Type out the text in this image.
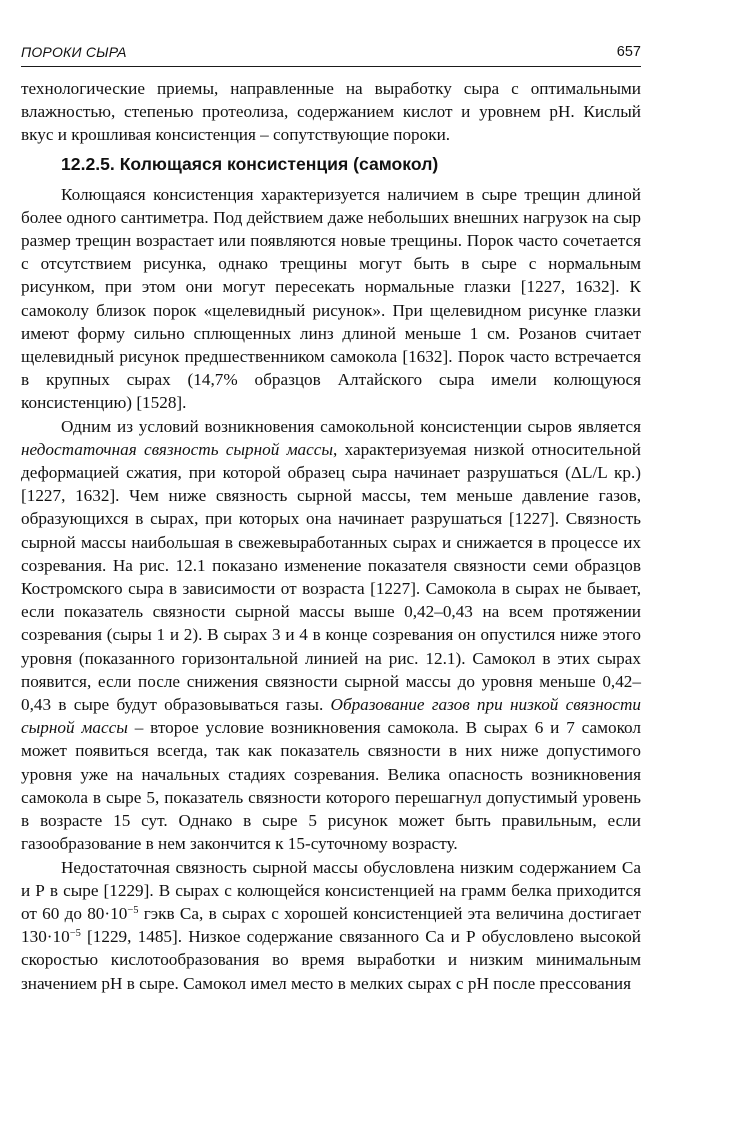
ПОРОКИ СЫРА	657

технологические приемы, направленные на выработку сыра с оптимальными влажностью, степенью протеолиза, содержанием кислот и уровнем рН. Кислый вкус и крошливая консистенция – сопутствующие пороки.

12.2.5. Колющаяся консистенция (самокол)

Колющаяся консистенция характеризуется наличием в сыре трещин длиной более одного сантиметра. Под действием даже небольших внешних нагрузок на сыр размер трещин возрастает или появляются новые трещины. Порок часто сочетается с отсутствием рисунка, однако трещины могут быть в сыре с нормальным рисунком, при этом они могут пересекать нормальные глазки [1227, 1632]. К самоколу близок порок «щелевидный рисунок». При щелевидном рисунке глазки имеют форму сильно сплющенных линз длиной меньше 1 см. Розанов считает щелевидный рисунок предшественником самокола [1632]. Порок часто встречается в крупных сырах (14,7% образцов Алтайского сыра имели колющуюся консистенцию) [1528].

Одним из условий возникновения самокольной консистенции сыров является недостаточная связность сырной массы, характеризуемая низкой относительной деформацией сжатия, при которой образец сыра начинает разрушаться (ΔL/L кр.) [1227, 1632]. Чем ниже связность сырной массы, тем меньше давление газов, образующихся в сырах, при которых она начинает разрушаться [1227]. Связность сырной массы наибольшая в свежевыработанных сырах и снижается в процессе их созревания. На рис. 12.1 показано изменение показателя связности семи образцов Костромского сыра в зависимости от возраста [1227]. Самокола в сырах не бывает, если показатель связности сырной массы выше 0,42–0,43 на всем протяжении созревания (сыры 1 и 2). В сырах 3 и 4 в конце созревания он опустился ниже этого уровня (показанного горизонтальной линией на рис. 12.1). Самокол в этих сырах появится, если после снижения связности сырной массы до уровня меньше 0,42–0,43 в сыре будут образовываться газы. Образование газов при низкой связности сырной массы – второе условие возникновения самокола. В сырах 6 и 7 самокол может появиться всегда, так как показатель связности в них ниже допустимого уровня уже на начальных стадиях созревания. Велика опасность возникновения самокола в сыре 5, показатель связности которого перешагнул допустимый уровень в возрасте 15 сут. Однако в сыре 5 рисунок может быть правильным, если газообразование в нем закончится к 15-суточному возрасту.

Недостаточная связность сырной массы обусловлена низким содержанием Са и Р в сыре [1229]. В сырах с колющейся консистенцией на грамм белка приходится от 60 до $80\cdot 10^{-5}$ гэкв Са, в сырах с хорошей консистенцией эта величина достигает $130\cdot 10^{-5}$ [1229, 1485]. Низкое содержание связанного Са и Р обусловлено высокой скоростью кислотообразования во время выработки и низким минимальным значением рН в сыре. Самокол имел место в мелких сырах с рН после прессования
